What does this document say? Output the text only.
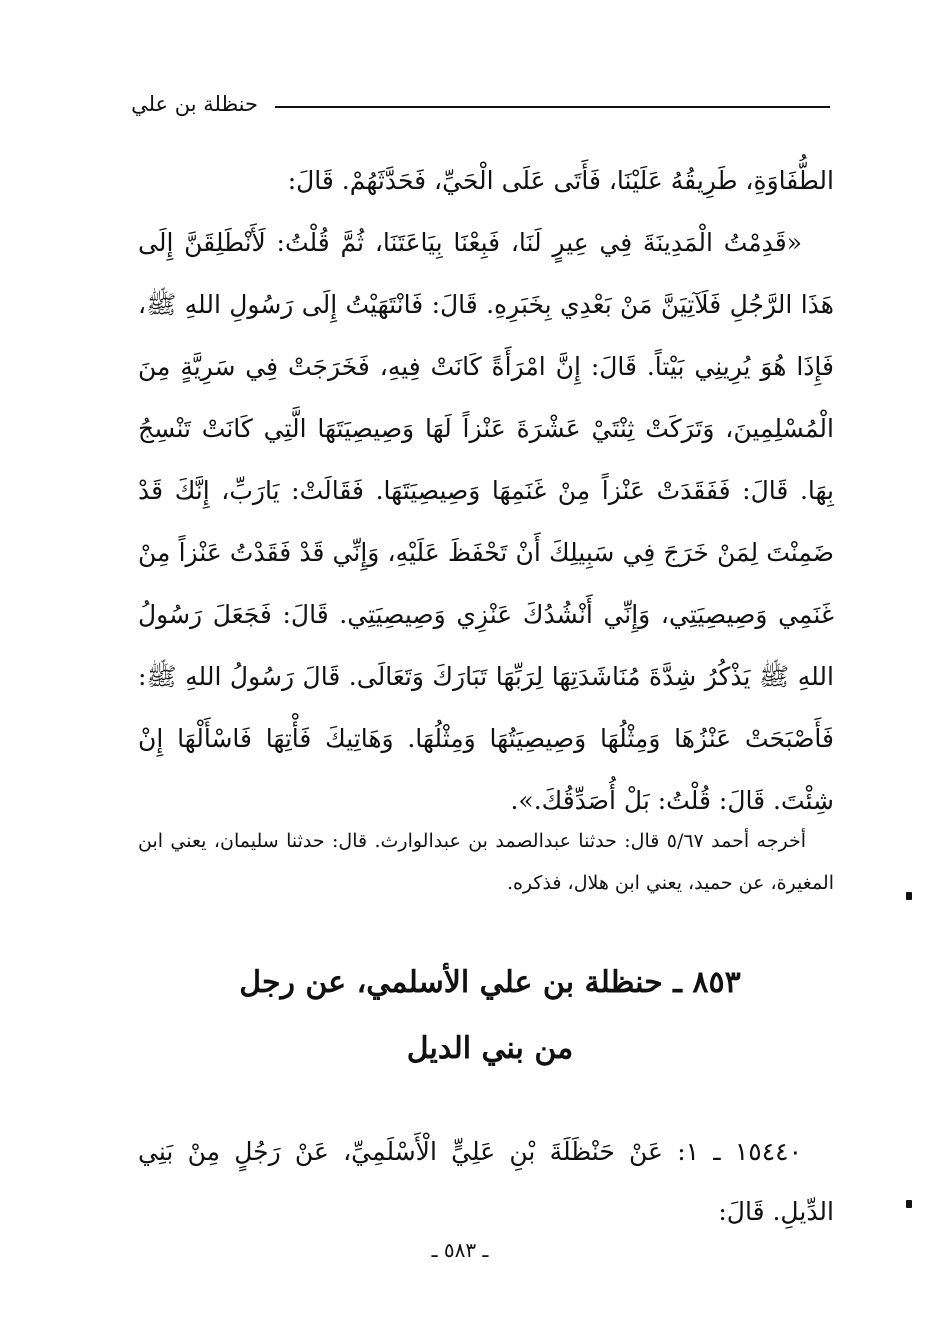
حنظلة بن علي

الطُّفَاوَةِ، طَرِيقُهُ عَلَيْنَا، فَأَتَى عَلَى الْحَيِّ، فَحَدَّثَهُمْ. قَالَ:

«قَدِمْتُ الْمَدِينَةَ فِي عِيرٍ لَنَا، فَبِعْنَا بِيَاعَتَنَا، ثُمَّ قُلْتُ: لَأَنْطَلِقَنَّ إِلَى هَذَا الرَّجُلِ فَلَآتِيَنَّ مَنْ بَعْدِي بِخَبَرِهِ. قَالَ: فَانْتَهَيْتُ إِلَى رَسُولِ اللهِ ﷺ، فَإِذَا هُوَ يُرِينِي بَيْتاً. قَالَ: إِنَّ امْرَأَةً كَانَتْ فِيهِ، فَخَرَجَتْ فِي سَرِيَّةٍ مِنَ الْمُسْلِمِينَ، وَتَرَكَتْ ثِنْتَيْ عَشْرَةَ عَنْزاً لَهَا وَصِيصِيَتَهَا الَّتِي كَانَتْ تَنْسِجُ بِهَا. قَالَ: فَفَقَدَتْ عَنْزاً مِنْ غَنَمِهَا وَصِيصِيَتَهَا. فَقَالَتْ: يَارَبِّ، إِنَّكَ قَدْ ضَمِنْتَ لِمَنْ خَرَجَ فِي سَبِيلِكَ أَنْ تَحْفَظَ عَلَيْهِ، وَإِنِّي قَدْ فَقَدْتُ عَنْزاً مِنْ غَنَمِي وَصِيصِيَتِي، وَإِنِّي أَنْشُدُكَ عَنْزِي وَصِيصِيَتِي. قَالَ: فَجَعَلَ رَسُولُ اللهِ ﷺ يَذْكُرُ شِدَّةَ مُنَاشَدَتِهَا لِرَبِّهَا تَبَارَكَ وَتَعَالَى. قَالَ رَسُولُ اللهِ ﷺ: فَأَصْبَحَتْ عَنْزُهَا وَمِثْلُهَا وَصِيصِيَتُهَا وَمِثْلُهَا. وَهَاتِيكَ فَأْتِهَا فَاسْأَلْهَا إِنْ شِئْتَ. قَالَ: قُلْتُ: بَلْ أُصَدِّقُكَ.».

أخرجه أحمد ٥/٦٧ قال: حدثنا عبدالصمد بن عبدالوارث. قال: حدثنا سليمان، يعني ابن المغيرة، عن حميد، يعني ابن هلال، فذكره.

٨٥٣ ـ حنظلة بن علي الأسلمي، عن رجل
من بني الديل

١٥٤٤٠ ـ ١: عَنْ حَنْظَلَةَ بْنِ عَلِيٍّ الْأَسْلَمِيِّ، عَنْ رَجُلٍ مِنْ بَنِي الدِّيلِ. قَالَ:

ـ ٥٨٣ ـ
